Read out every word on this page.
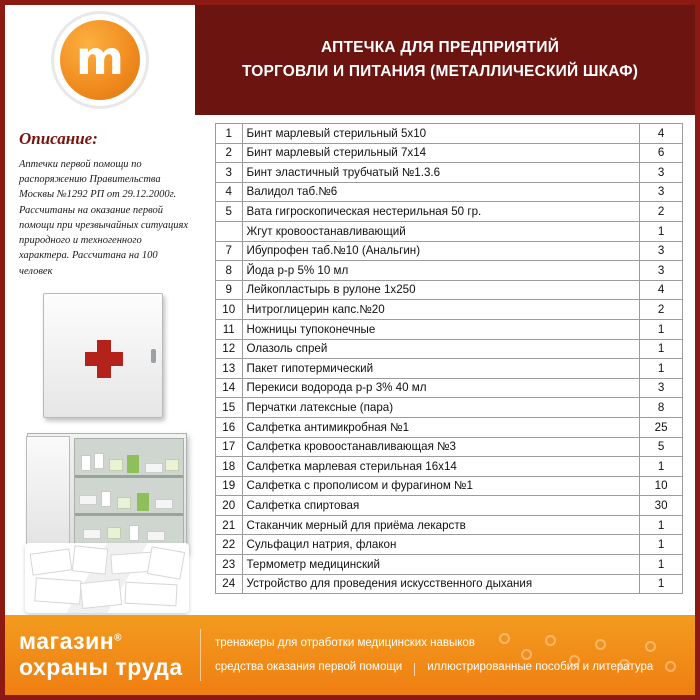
m	АПТЕЧКА ДЛЯ ПРЕДПРИЯТИЙ
ТОРГОВЛИ И ПИТАНИЯ (МЕТАЛЛИЧЕСКИЙ ШКАФ)
Описание:
Аптечки первой помощи по распоряжению Правительства Москвы №1292 РП от 29.12.2000г. Рассчитаны на оказание первой помощи при чрезвычайных ситуациях природного и техногенного характера. Рассчитана на 100 человек
1	Бинт марлевый стерильный 5х10	4
2	Бинт марлевый стерильный 7х14	6
3	Бинт эластичный трубчатый №1.3.6	3
4	Валидол таб.№6	3
5	Вата гигроскопическая нестерильная 50 гр.	2
	Жгут кровоостанавливающий	1
7	Ибупрофен таб.№10 (Анальгин)	3
8	Йода р-р 5% 10 мл	3
9	Лейкопластырь в рулоне 1х250	4
10	Нитроглицерин капс.№20	2
11	Ножницы тупоконечные	1
12	Олазоль спрей	1
13	Пакет гипотермический	1
14	Перекиси водорода р-р 3% 40 мл	3
15	Перчатки латексные (пара)	8
16	Салфетка антимикробная №1	25
17	Салфетка кровоостанавливающая №3	5
18	Салфетка марлевая стерильная 16х14	1
19	Салфетка с прополисом и фурагином №1	10
20	Салфетка спиртовая	30
21	Стаканчик мерный для приёма лекарств	1
22	Сульфацил натрия, флакон	1
23	Термометр медицинский	1
24	Устройство для проведения искусственного дыхания	1
магазин®
охраны труда
тренажеры для отработки медицинских навыков
средства оказания первой помощи иллюстрированные пособия и литература
